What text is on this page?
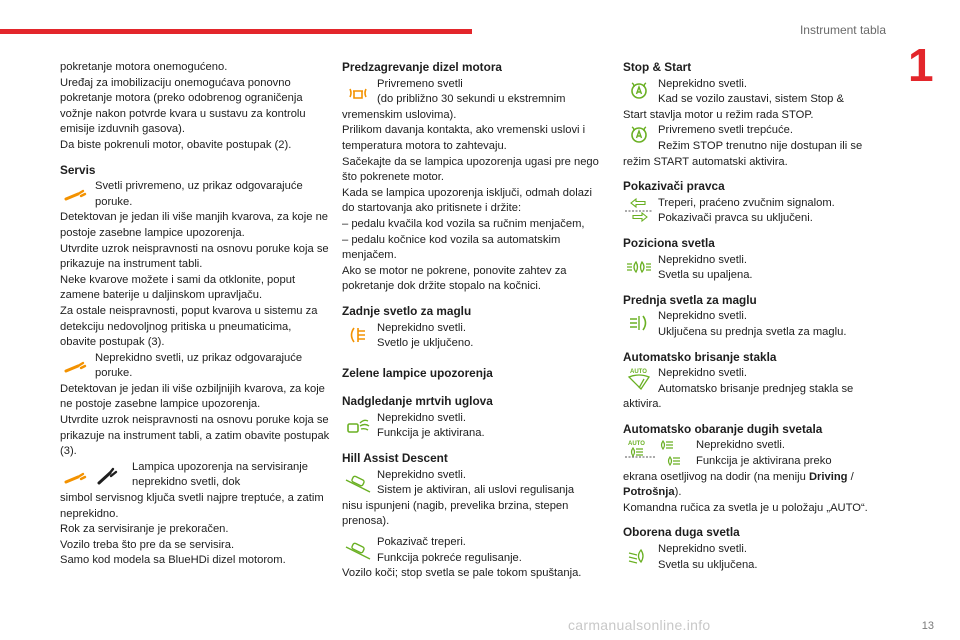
Instrument tabla
1

pokretanje motora onemogućeno.

Uređaj za imobilizaciju onemogućava ponovno pokretanje motora (preko odobrenog ograničenja vožnje nakon potvrde kvara u sustavu za kontrolu emisije izduvnih gasova).

Da biste pokrenuli motor, obavite postupak (2).

Servis

Svetli privremeno, uz prikaz odgovarajuće poruke.

Detektovan je jedan ili više manjih kvarova, za koje ne postoje zasebne lampice upozorenja.

Utvrdite uzrok neispravnosti na osnovu poruke koja se prikazuje na instrument tabli.

Neke kvarove možete i sami da otklonite, poput zamene baterije u daljinskom upravljaču.

Za ostale neispravnosti, poput kvarova u sistemu za detekciju nedovoljnog pritiska u pneumaticima, obavite postupak (3).

Neprekidno svetli, uz prikaz odgovarajuće poruke.

Detektovan je jedan ili više ozbiljnijih kvarova, za koje ne postoje zasebne lampice upozorenja.

Utvrdite uzrok neispravnosti na osnovu poruke koja se prikazuje na instrument tabli, a zatim obavite postupak (3).

Lampica upozorenja na servisiranje neprekidno svetli, dok

simbol servisnog ključa svetli najpre treptuće, a zatim neprekidno.

Rok za servisiranje je prekoračen.

Vozilo treba što pre da se servisira.

Samo kod modela sa BlueHDi dizel motorom.

Predzagrevanje dizel motora

Privremeno svetli

(do približno 30 sekundi u ekstremnim

vremenskim uslovima).

Prilikom davanja kontakta, ako vremenski uslovi i temperatura motora to zahtevaju.

Sačekajte da se lampica upozorenja ugasi pre nego što pokrenete motor.

Kada se lampica upozorenja isključi, odmah dolazi do startovanja ako pritisnete i držite:

– pedalu kvačila kod vozila sa ručnim menjačem,

– pedalu kočnice kod vozila sa automatskim menjačem.

Ako se motor ne pokrene, ponovite zahtev za pokretanje dok držite stopalo na kočnici.

Zadnje svetlo za maglu

Neprekidno svetli.

Svetlo je uključeno.

Zelene lampice upozorenja
Nadgledanje mrtvih uglova

Neprekidno svetli.

Funkcija je aktivirana.

Hill Assist Descent

Neprekidno svetli.

Sistem je aktiviran, ali uslovi regulisanja

nisu ispunjeni (nagib, prevelika brzina, stepen prenosa).

Pokazivač treperi.

Funkcija pokreće regulisanje.

Vozilo koči; stop svetla se pale tokom spuštanja.

Stop & Start

Neprekidno svetli.

Kad se vozilo zaustavi, sistem Stop &

Start stavlja motor u režim rada STOP.

Privremeno svetli trepćuće.

Režim STOP trenutno nije dostupan ili se

režim START automatski aktivira.

Pokazivači pravca

Treperi, praćeno zvučnim signalom.

Pokazivači pravca su uključeni.

Poziciona svetla

Neprekidno svetli.

Svetla su upaljena.

Prednja svetla za maglu

Neprekidno svetli.

Uključena su prednja svetla za maglu.

Automatsko brisanje stakla
AUTO Neprekidno svetli.

Automatsko brisanje prednjeg stakla se

aktivira.

Automatsko obaranje dugih svetala
AUTO	Neprekidno svetli.

Funkcija je aktivirana preko

ekrana osetljivog na dodir (na meniju Driving /
Potrošnja).

Komandna ručica za svetla je u položaju „AUTO“.

Oborena duga svetla

Neprekidno svetli.

Svetla su uključena.

carmanualsonline.info	13
